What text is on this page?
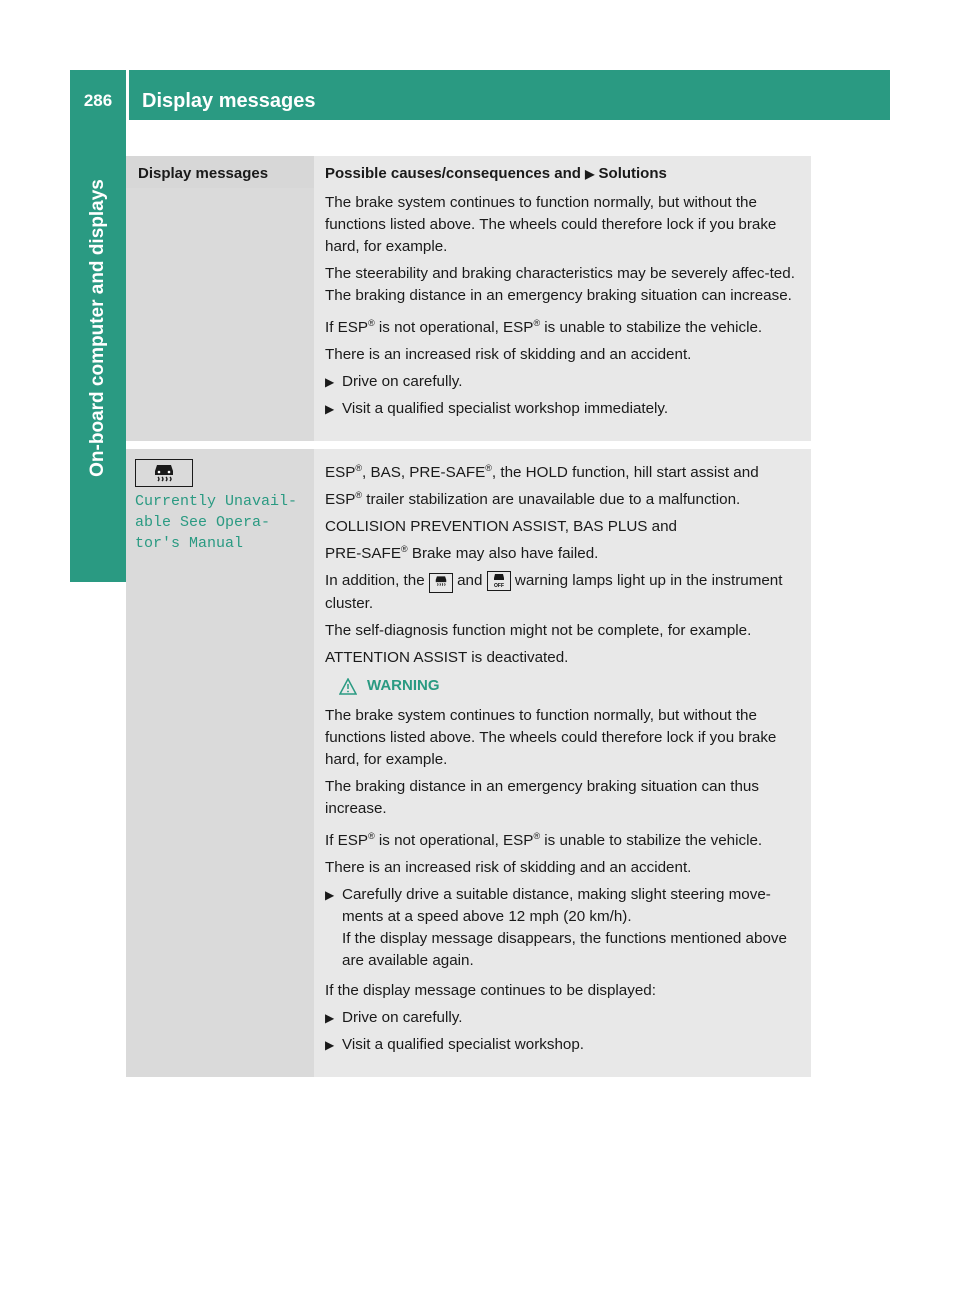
286	Display messages
On-board computer and displays
Display messages	Possible causes/consequences and ▶ Solutions

The brake system continues to function normally, but without the functions listed above. The wheels could therefore lock if you brake hard, for example.

The steerability and braking characteristics may be severely affec-ted. The braking distance in an emergency braking situation can increase.

If ESP® is not operational, ESP® is unable to stabilize the vehicle.

There is an increased risk of skidding and an accident.

▶ Drive on carefully.
▶ Visit a qualified specialist workshop immediately.
Currently Unavail‐
able See Opera‐
tor's Manual

ESP®, BAS, PRE-SAFE®, the HOLD function, hill start assist and

ESP® trailer stabilization are unavailable due to a malfunction.

COLLISION PREVENTION ASSIST, BAS PLUS and

PRE-SAFE® Brake may also have failed.

In addition, the  and OFF warning lamps light up in the instrument cluster.

The self-diagnosis function might not be complete, for example.

ATTENTION ASSIST is deactivated.

WARNING

The brake system continues to function normally, but without the functions listed above. The wheels could therefore lock if you brake hard, for example.

The braking distance in an emergency braking situation can thus increase.

If ESP® is not operational, ESP® is unable to stabilize the vehicle.

There is an increased risk of skidding and an accident.

▶ Carefully drive a suitable distance, making slight steering move-ments at a speed above 12 mph (20 km/h).
If the display message disappears, the functions mentioned above are available again.

If the display message continues to be displayed:

▶ Drive on carefully.
▶ Visit a qualified specialist workshop.
